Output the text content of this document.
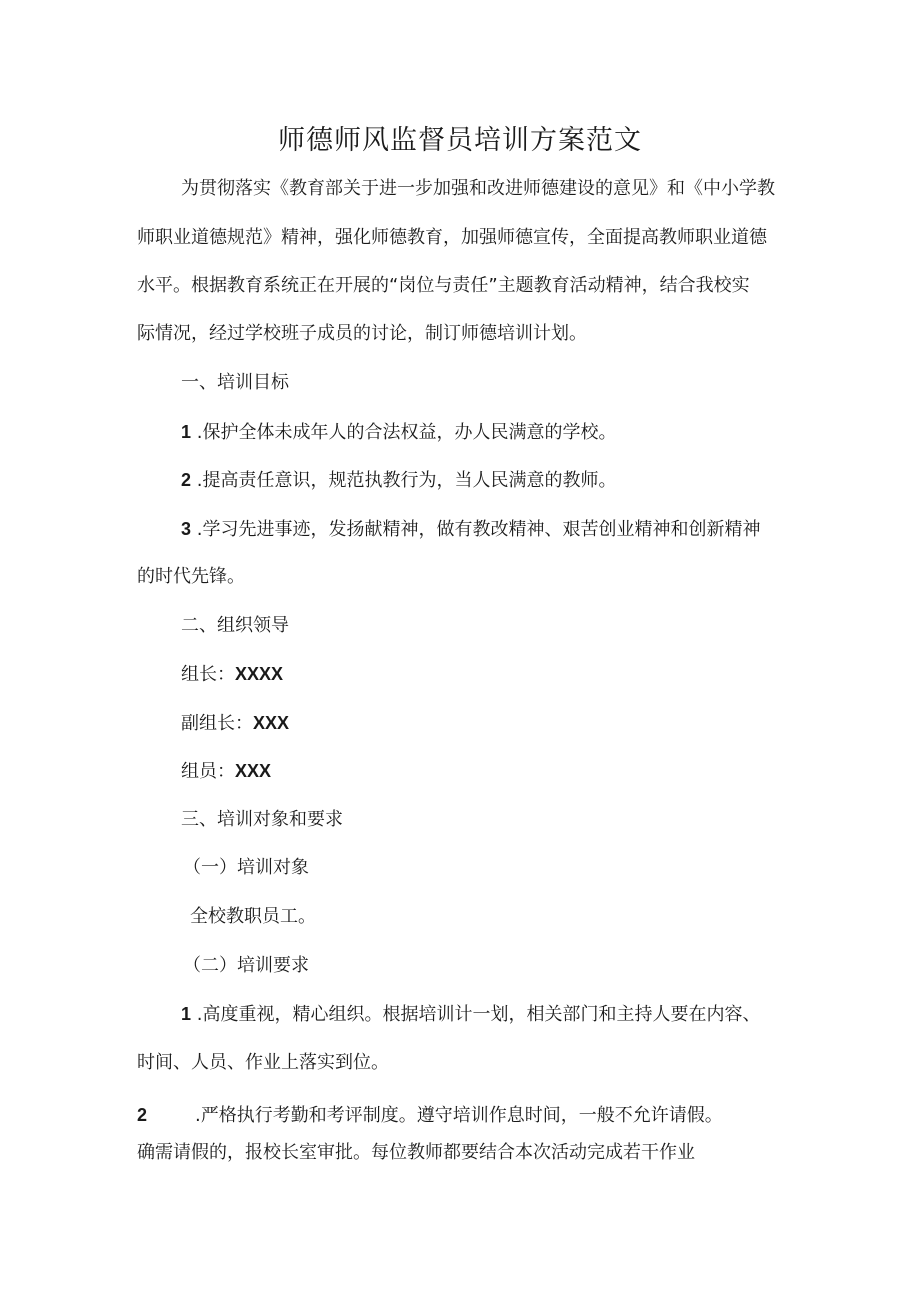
师德师风监督员培训方案范文
为贯彻落实《教育部关于进一步加强和改进师德建设的意见》和《中小学教
师职业道德规范》精神，强化师德教育，加强师德宣传，全面提高教师职业道德
水平。根据教育系统正在开展的“岗位与责任”主题教育活动精神，结合我校实
际情况，经过学校班子成员的讨论，制订师德培训计划。
一、培训目标
1 .保护全体未成年人的合法权益，办人民满意的学校。
2 .提高责任意识，规范执教行为，当人民满意的教师。
3 .学习先进事迹，发扬献精神，做有教改精神、艰苦创业精神和创新精神
的时代先锋。
二、组织领导
组长：XXXX
副组长：XXX
组员：XXX
三、培训对象和要求
（一）培训对象
全校教职员工。
（二）培训要求
1 .高度重视，精心组织。根据培训计一划，相关部门和主持人要在内容、
时间、人员、作业上落实到位。
2	.严格执行考勤和考评制度。遵守培训作息时间，一般不允许请假。
确需请假的，报校长室审批。每位教师都要结合本次活动完成若干作业
